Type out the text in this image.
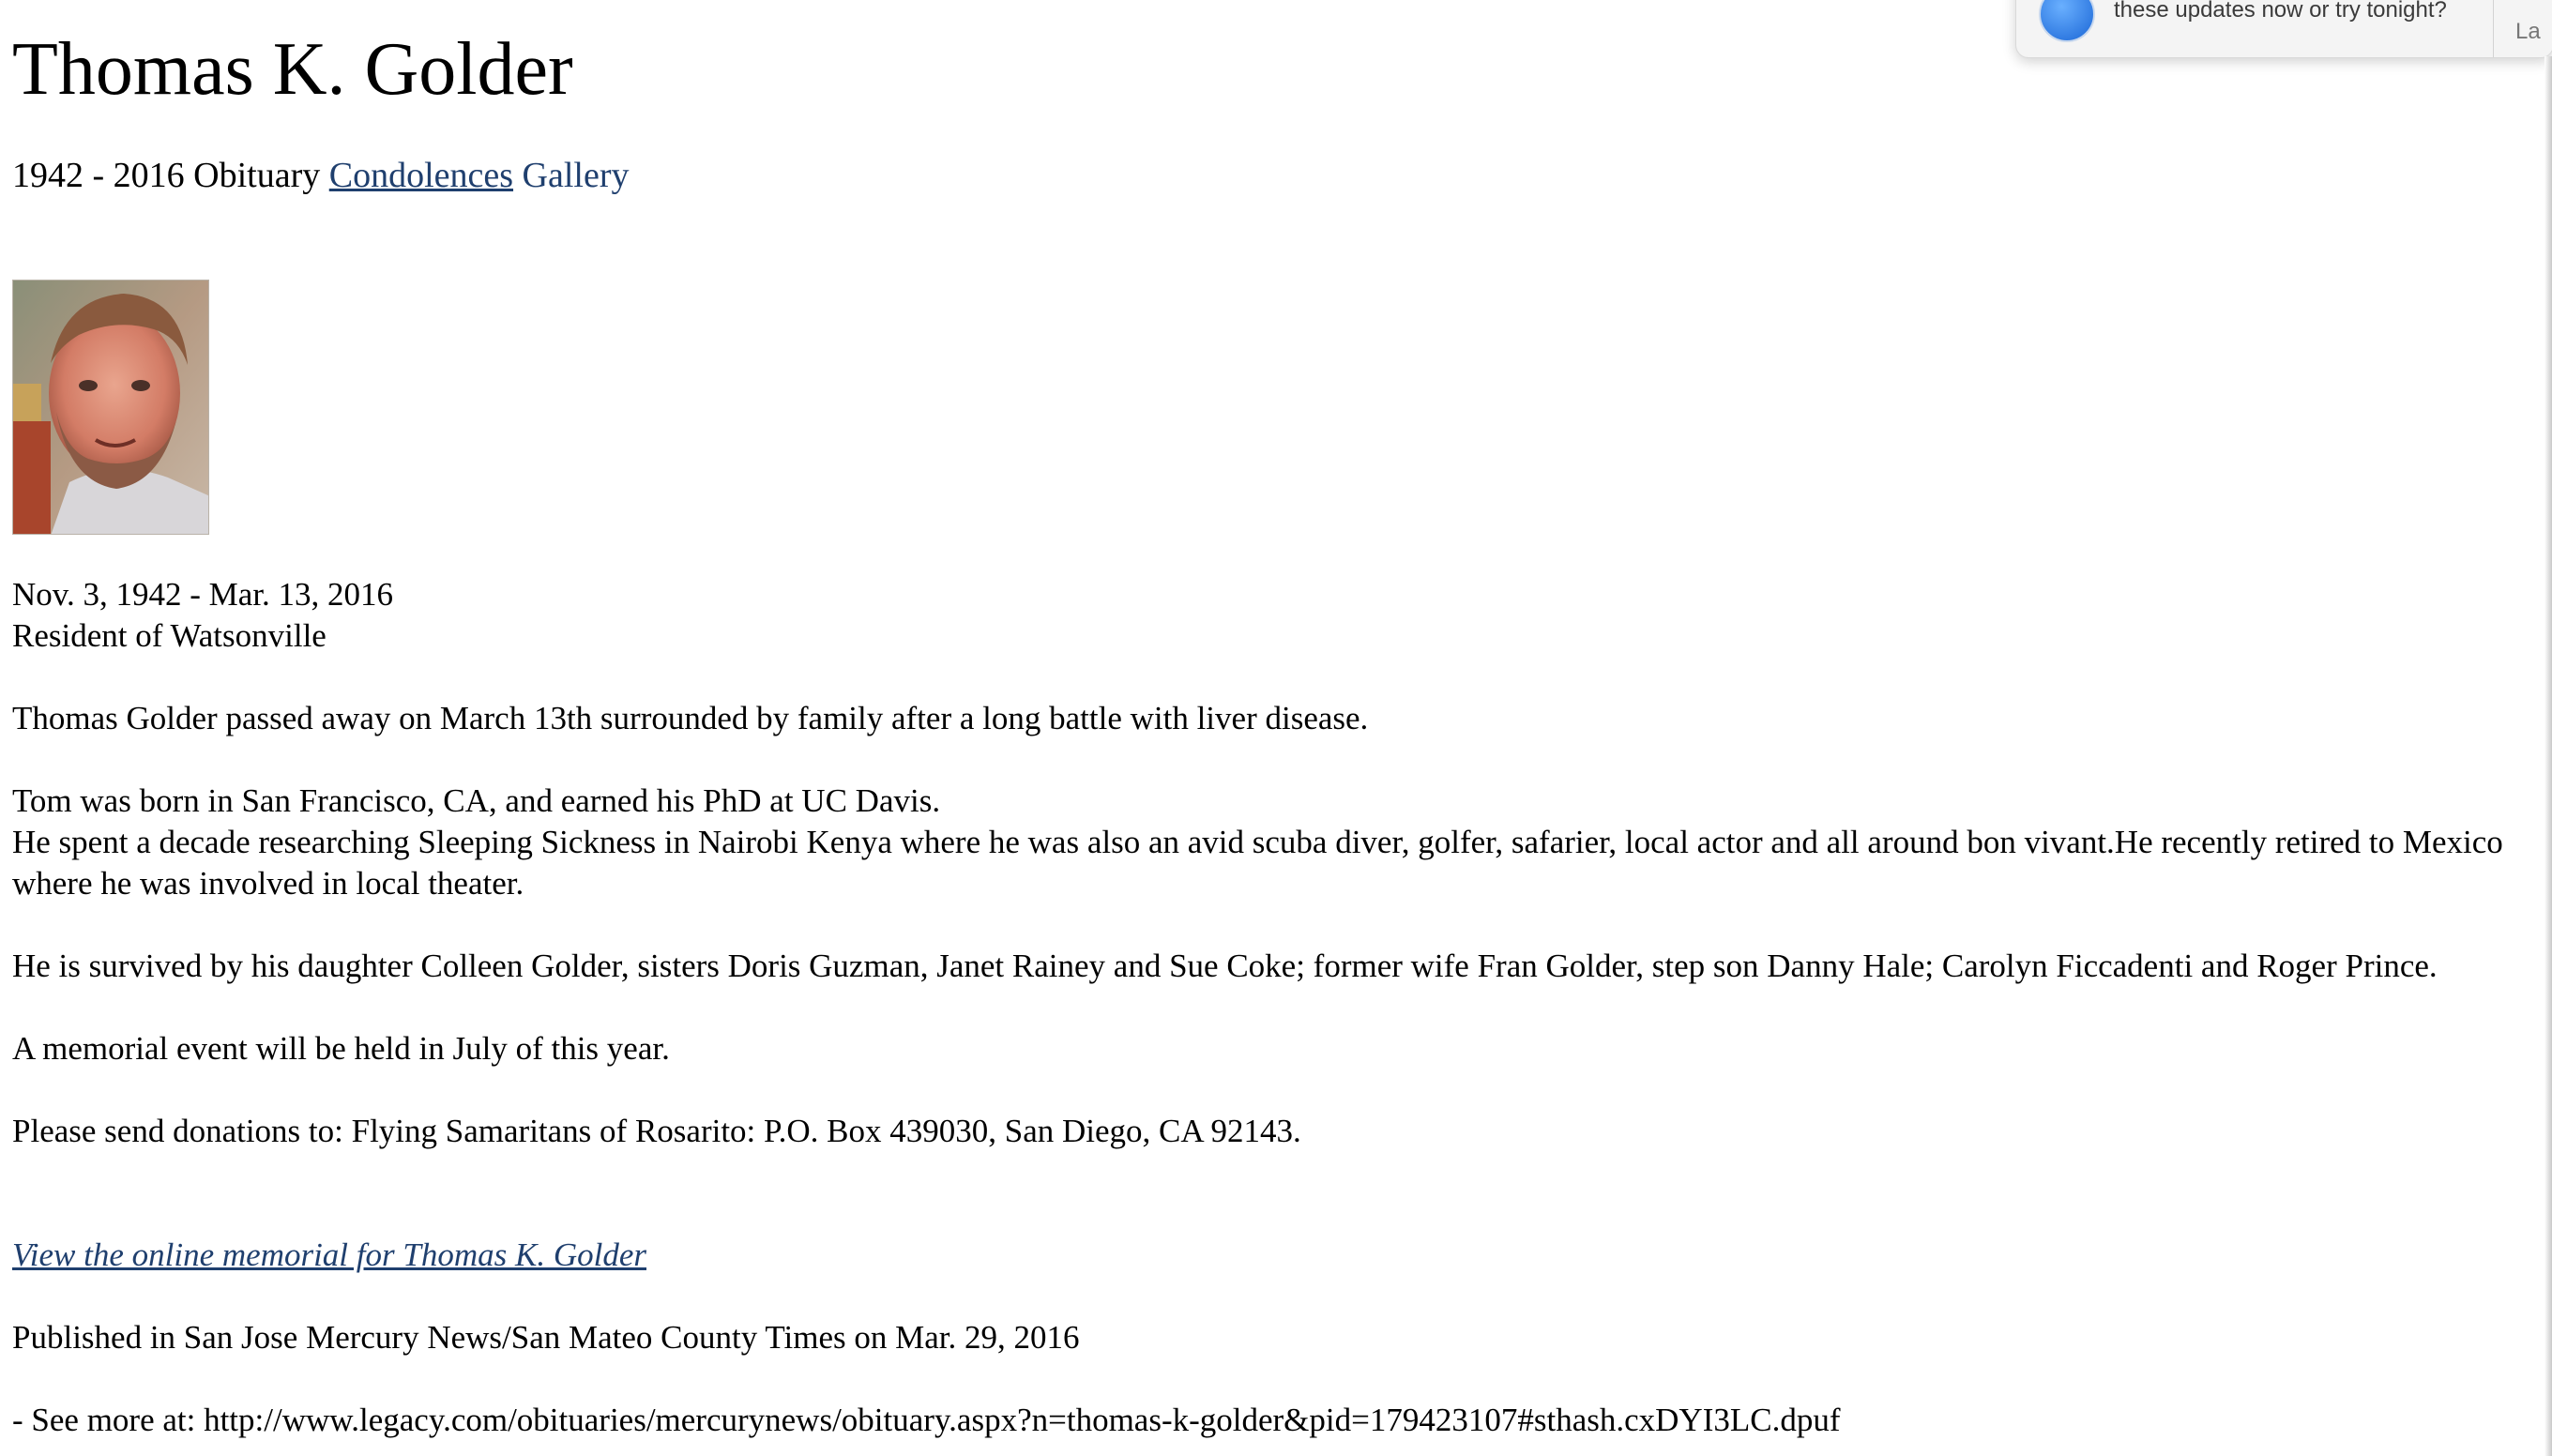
Thomas K. Golder
1942 - 2016 Obituary Condolences Gallery

Nov. 3, 1942 - Mar. 13, 2016

Resident of Watsonville

Thomas Golder passed away on March 13th surrounded by family after a long battle with liver disease.

Tom was born in San Francisco, CA, and earned his PhD at UC Davis.

He spent a decade researching Sleeping Sickness in Nairobi Kenya where he was also an avid scuba diver, golfer, safarier, local actor and all around bon vivant.He recently retired to Mexico where he was involved in local theater.

He is survived by his daughter Colleen Golder, sisters Doris Guzman, Janet Rainey and Sue Coke; former wife Fran Golder, step son Danny Hale; Carolyn Ficcadenti and Roger Prince.

A memorial event will be held in July of this year.

Please send donations to: Flying Samaritans of Rosarito: P.O. Box 439030, San Diego, CA 92143.

View the online memorial for Thomas K. Golder

Published in San Jose Mercury News/San Mateo County Times on Mar. 29, 2016

- See more at: http://www.legacy.com/obituaries/mercurynews/obituary.aspx?n=thomas-k-golder&pid=179423107#sthash.cxDYI3LC.dpuf

these updates now or try tonight?
La
